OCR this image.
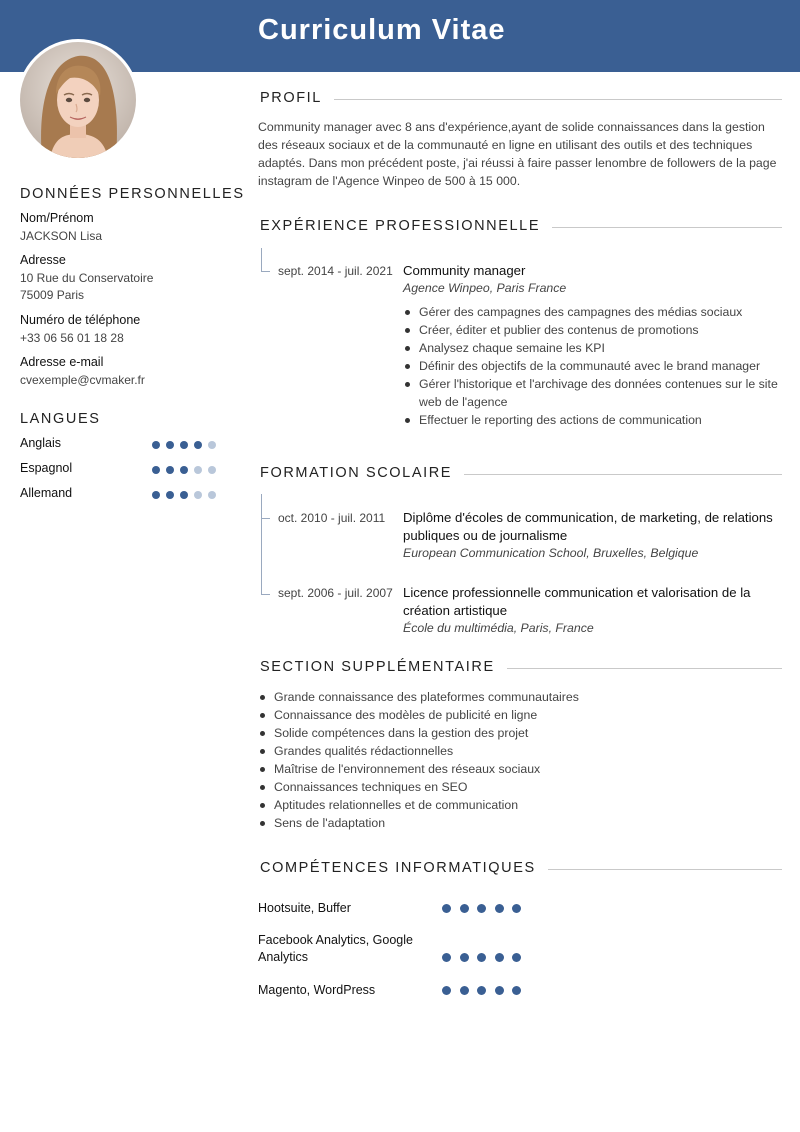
Curriculum Vitae
DONNÉES PERSONNELLES
Nom/Prénom
JACKSON Lisa
Adresse
10 Rue du Conservatoire
75009 Paris
Numéro de téléphone
+33 06 56 01 18 28
Adresse e-mail
cvexemple@cvmaker.fr
LANGUES
Anglais
Espagnol
Allemand
PROFIL
Community manager avec 8 ans d'expérience,ayant de solide connaissances dans la gestion des réseaux sociaux et de la communauté en ligne en utilisant des outils et des techniques adaptés. Dans mon précédent poste, j'ai réussi à faire passer lenombre de followers de la page instagram de l'Agence Winpeo de 500 à 15 000.
EXPÉRIENCE PROFESSIONNELLE
sept. 2014 - juil. 2021 Community manager
Agence Winpeo, Paris France
Gérer des campagnes des campagnes des médias sociaux
Créer, éditer et publier des contenus de promotions
Analysez chaque semaine les KPI
Définir des objectifs de la communauté avec le brand manager
Gérer l'historique et l'archivage des données contenues sur le site web de l'agence
Effectuer le reporting des actions de communication
FORMATION SCOLAIRE
oct. 2010 - juil. 2011 Diplôme d'écoles de communication, de marketing, de relations publiques ou de journalisme
European Communication School, Bruxelles, Belgique
sept. 2006 - juil. 2007 Licence professionnelle communication et valorisation de la création artistique
École du multimédia, Paris, France
SECTION SUPPLÉMENTAIRE
Grande connaissance des plateformes communautaires
Connaissance des modèles de publicité en ligne
Solide compétences dans la gestion des projet
Grandes qualités rédactionnelles
Maîtrise de l'environnement des réseaux sociaux
Connaissances techniques en SEO
Aptitudes relationnelles et de communication
Sens de l'adaptation
COMPÉTENCES INFORMATIQUES
Hootsuite, Buffer
Facebook Analytics, Google Analytics
Magento, WordPress
